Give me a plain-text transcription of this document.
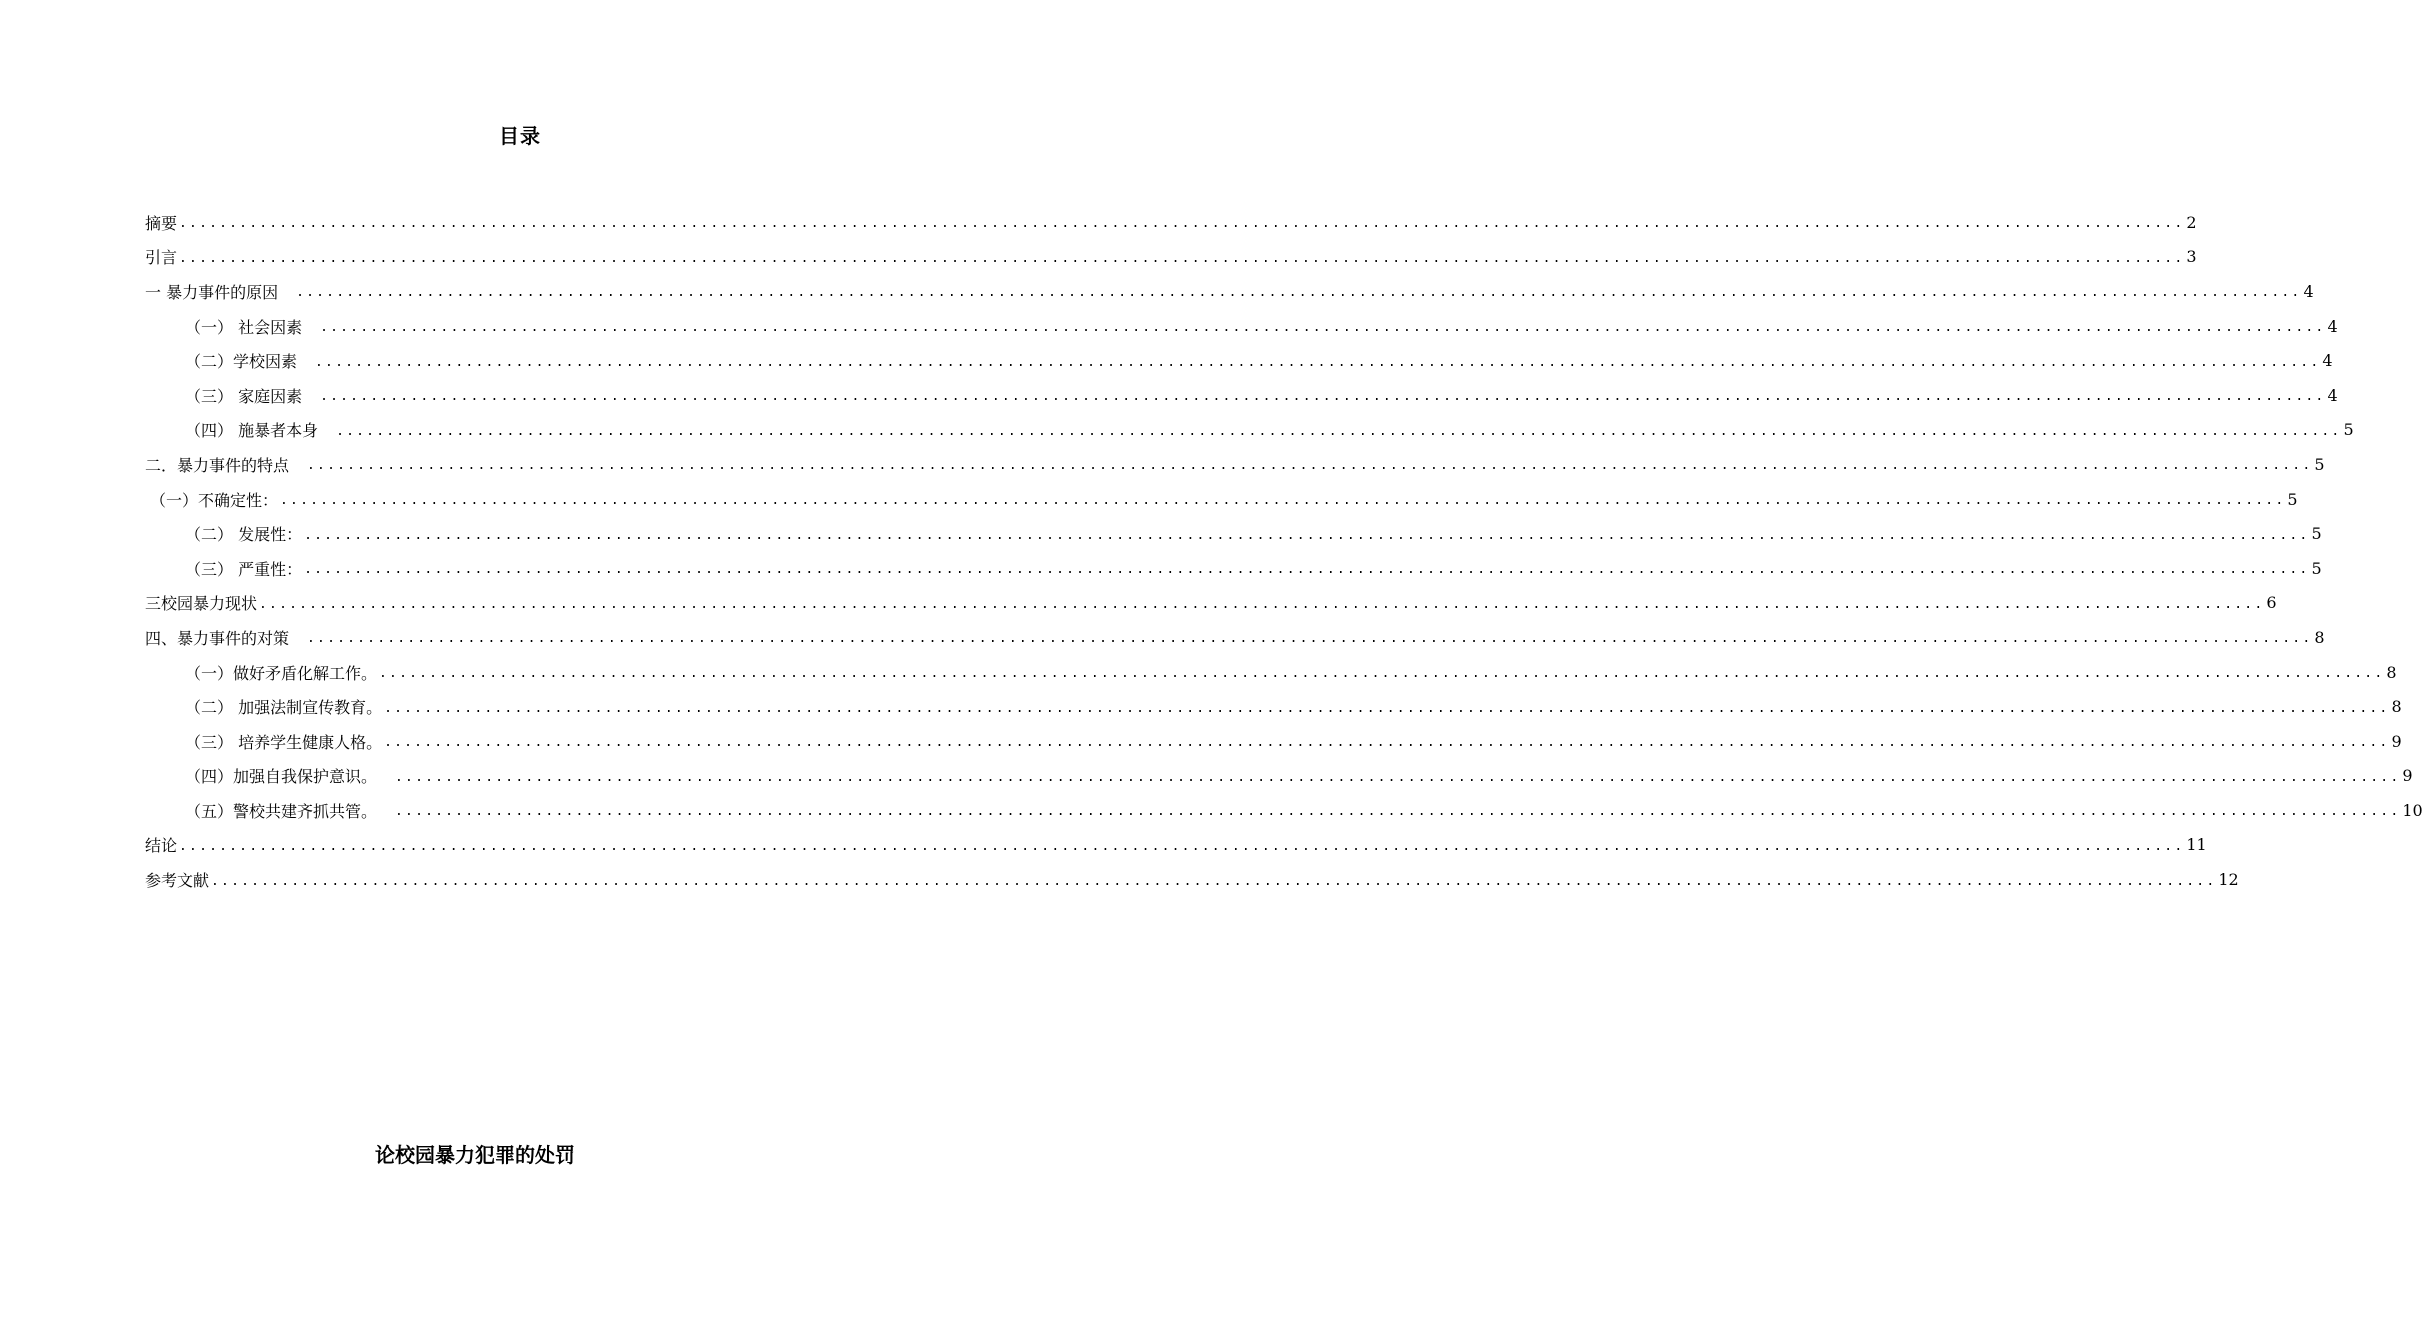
目录
摘要 ........................................................................................................................................................................................................ 2
引言 ........................................................................................................................................................................................................ 3
一 暴力事件的原因 ........................................................................................................................................................................................................ 4
（一） 社会因素 ........................................................................................................................................................................................................ 4
（二）学校因素 ........................................................................................................................................................................................................ 4
（三） 家庭因素 ........................................................................................................................................................................................................ 4
（四） 施暴者本身 ........................................................................................................................................................................................................ 5
二．暴力事件的特点 ........................................................................................................................................................................................................ 5
（一）不确定性： ........................................................................................................................................................................................................ 5
（二） 发展性： ........................................................................................................................................................................................................ 5
（三） 严重性： ........................................................................................................................................................................................................ 5
三校园暴力现状 ........................................................................................................................................................................................................ 6
四、暴力事件的对策 ........................................................................................................................................................................................................ 8
（一）做好矛盾化解工作。 ........................................................................................................................................................................................................ 8
（二） 加强法制宣传教育。 ........................................................................................................................................................................................................ 8
（三） 培养学生健康人格。 ........................................................................................................................................................................................................ 9
（四）加强自我保护意识。 ........................................................................................................................................................................................................ 9
（五）警校共建齐抓共管。 ........................................................................................................................................................................................................ 10
结论 ........................................................................................................................................................................................................ 11
参考文献 ........................................................................................................................................................................................................ 12
论校园暴力犯罪的处罚
